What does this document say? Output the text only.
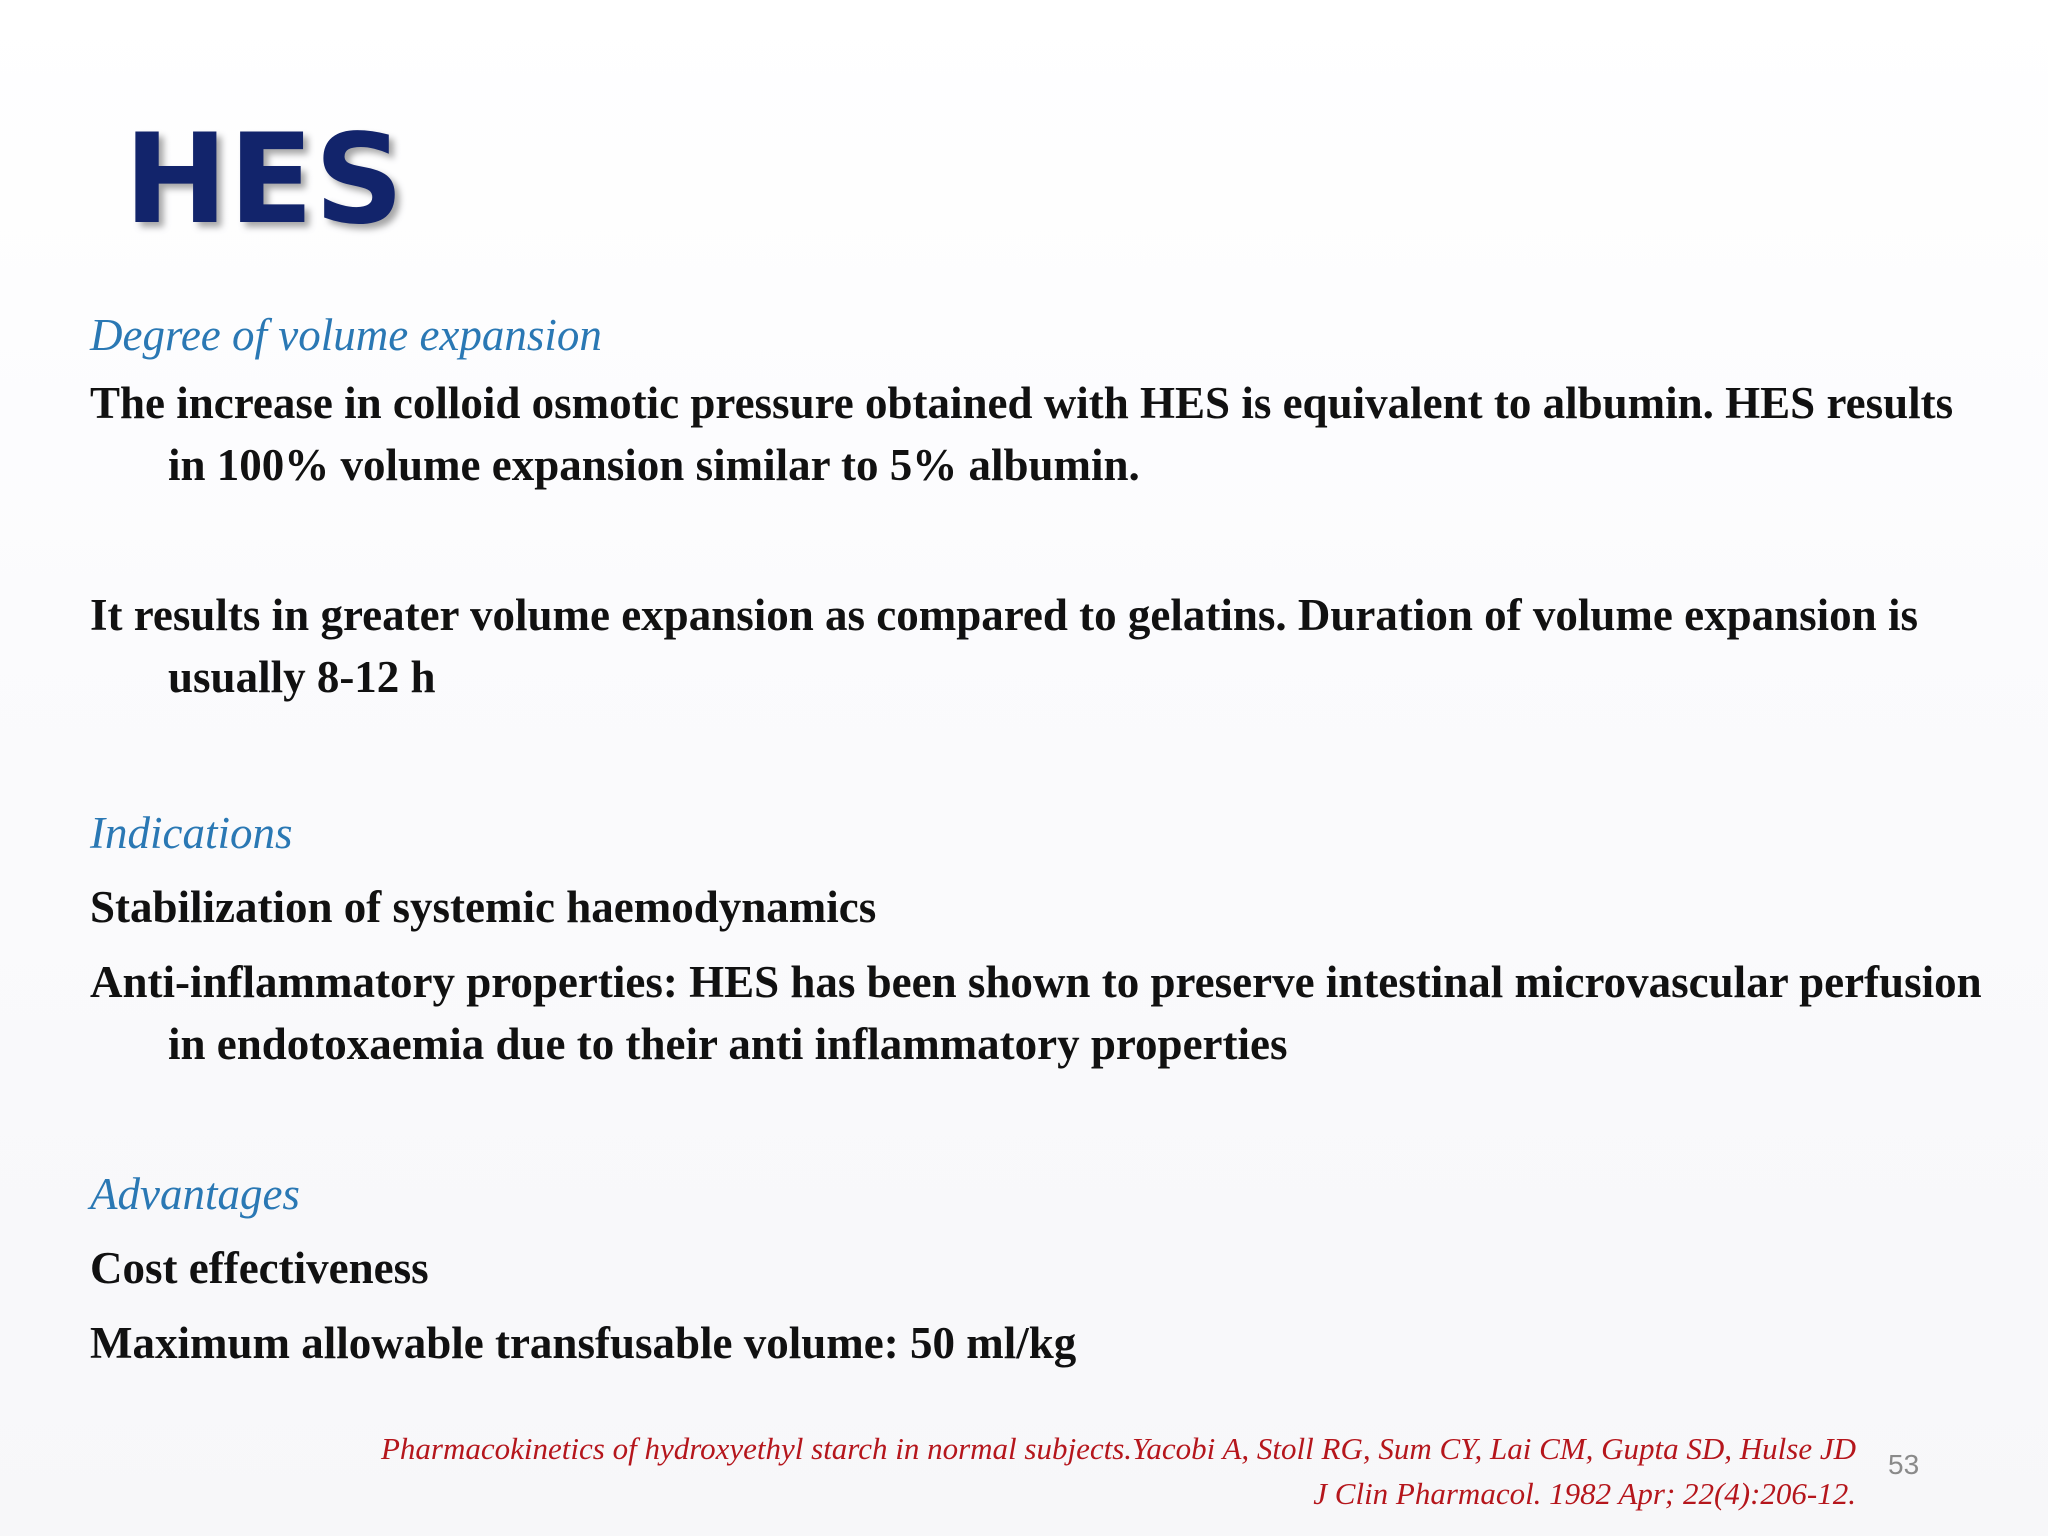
HES

Degree of volume expansion

The increase in colloid osmotic pressure obtained with HES is equivalent to albumin. HES results in 100% volume expansion similar to 5% albumin.

It results in greater volume expansion as compared to gelatins. Duration of volume expansion is usually 8-12 h

Indications

Stabilization of systemic haemodynamics

Anti-inflammatory properties: HES has been shown to preserve intestinal microvascular perfusion in endotoxaemia due to their anti inflammatory properties

Advantages

Cost effectiveness

Maximum allowable transfusable volume: 50 ml/kg

Pharmacokinetics of hydroxyethyl starch in normal subjects.Yacobi A, Stoll RG, Sum CY, Lai CM, Gupta SD, Hulse JD
J Clin Pharmacol. 1982 Apr; 22(4):206-12.
53
